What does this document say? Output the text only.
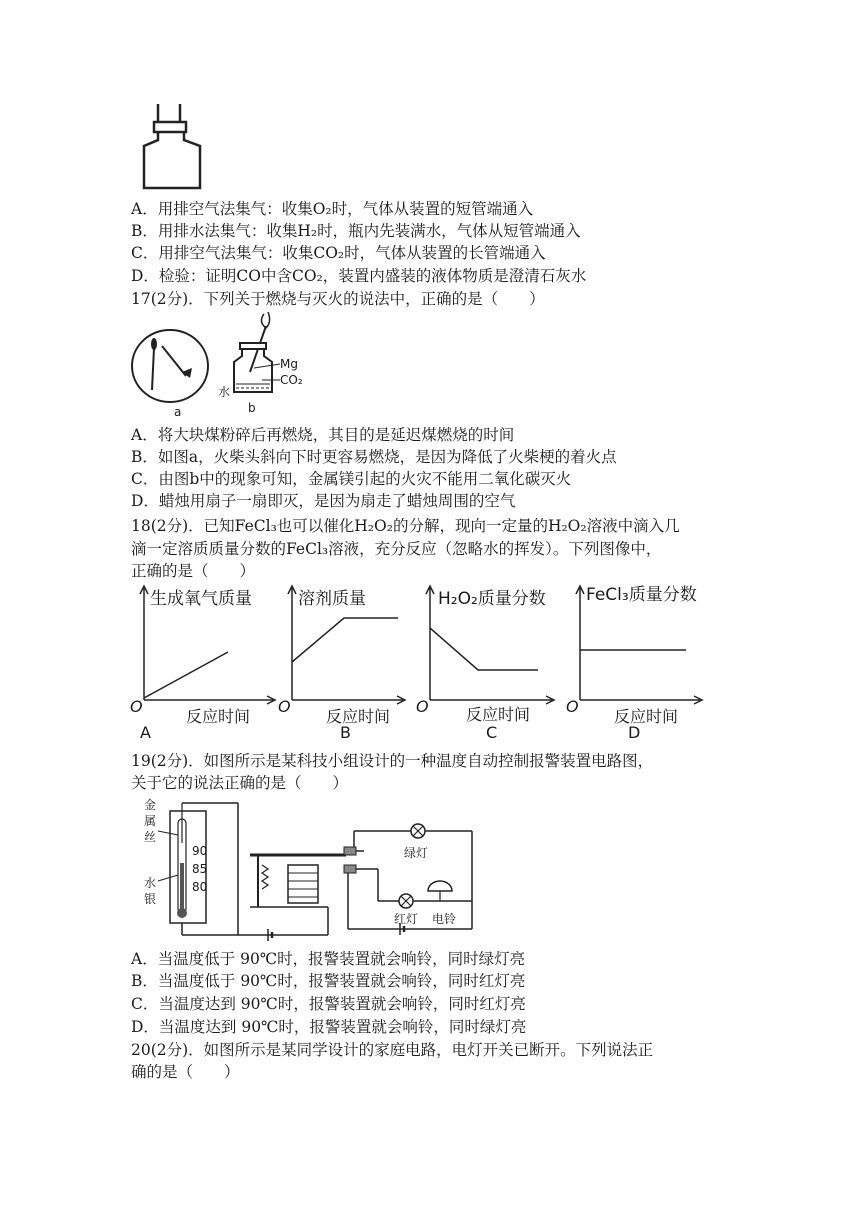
A．用排空气法集气：收集O₂时，气体从装置的短管端通入
B．用排水法集气：收集H₂时，瓶内先装满水，气体从短管端通入
C．用排空气法集气：收集CO₂时，气体从装置的长管端通入
D．检验：证明CO中含CO₂，装置内盛装的液体物质是澄清石灰水
17(2分)．下列关于燃烧与灭火的说法中，正确的是（　　）
a
Mg
CO₂
水
b
A．将大块煤粉碎后再燃烧，其目的是延迟煤燃烧的时间
B．如图a，火柴头斜向下时更容易燃烧，是因为降低了火柴梗的着火点
C．由图b中的现象可知，金属镁引起的火灾不能用二氧化碳灭火
D．蜡烛用扇子一扇即灭，是因为扇走了蜡烛周围的空气
18(2分)．已知FeCl₃也可以催化H₂O₂的分解，现向一定量的H₂O₂溶液中滴入几
滴一定溶质质量分数的FeCl₃溶液，充分反应（忽略水的挥发）。下列图像中，
正确的是（　　）
生成氧气质量
O
反应时间
A
溶剂质量
O
反应时间
B
H₂O₂质量分数
O 反应时间
C
FeCl₃质量分数
O
反应时间
D
19(2分)．如图所示是某科技小组设计的一种温度自动控制报警装置电路图，
关于它的说法正确的是（　　）
金
属
丝
水
银
90
85
80
绿灯
红灯 电铃
A．当温度低于 90℃时，报警装置就会响铃，同时绿灯亮
B．当温度低于 90℃时，报警装置就会响铃，同时红灯亮
C．当温度达到 90℃时，报警装置就会响铃，同时红灯亮
D．当温度达到 90℃时，报警装置就会响铃，同时绿灯亮
20(2分)．如图所示是某同学设计的家庭电路，电灯开关已断开。下列说法正
确的是（　　）
